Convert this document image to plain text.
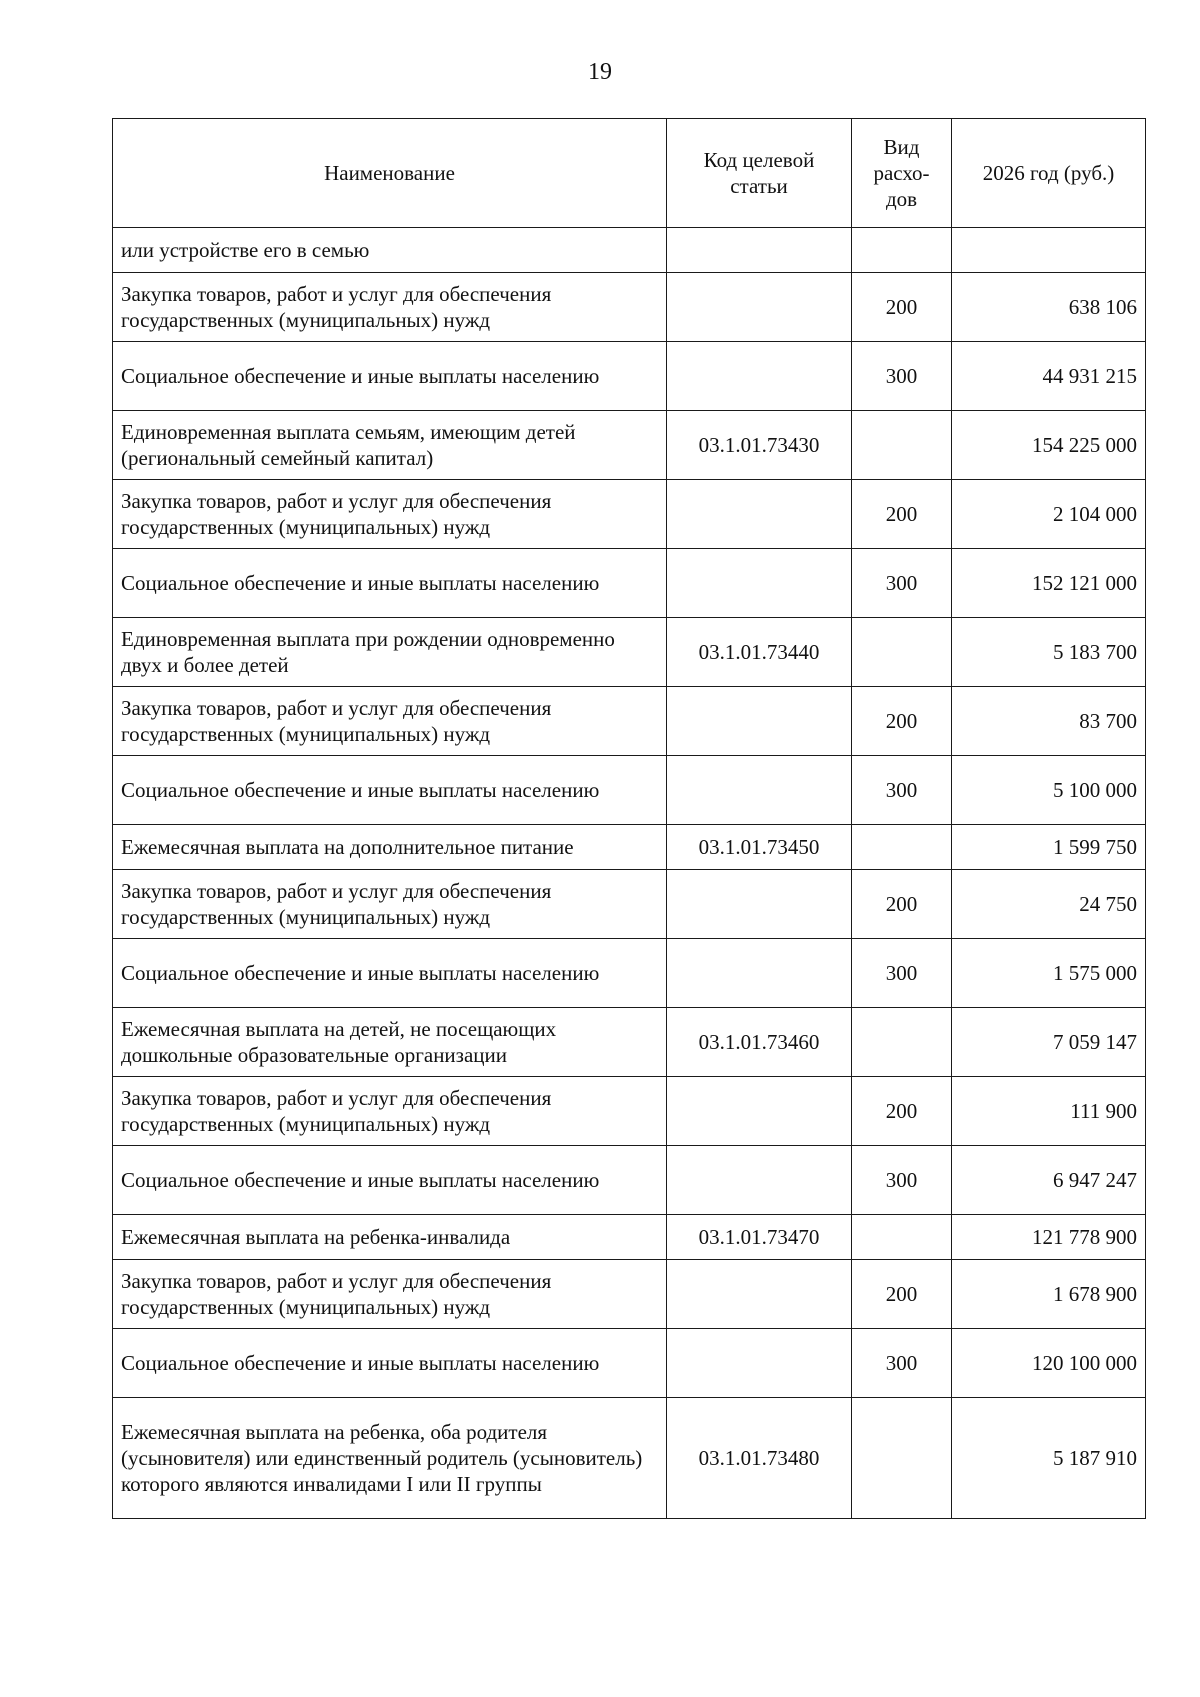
19
Наименование	Код целевой статьи	Вид расхо-дов	2026 год (руб.)
или устройстве его в семью			
Закупка товаров, работ и услуг для обеспечения государственных (муниципальных) нужд		200	638 106
Социальное обеспечение и иные выплаты населению		300	44 931 215
Единовременная выплата семьям, имеющим детей (региональный семейный капитал)	03.1.01.73430		154 225 000
Закупка товаров, работ и услуг для обеспечения государственных (муниципальных) нужд		200	2 104 000
Социальное обеспечение и иные выплаты населению		300	152 121 000
Единовременная выплата при рождении одновременно двух и более детей	03.1.01.73440		5 183 700
Закупка товаров, работ и услуг для обеспечения государственных (муниципальных) нужд		200	83 700
Социальное обеспечение и иные выплаты населению		300	5 100 000
Ежемесячная выплата на дополнительное питание	03.1.01.73450		1 599 750
Закупка товаров, работ и услуг для обеспечения государственных (муниципальных) нужд		200	24 750
Социальное обеспечение и иные выплаты населению		300	1 575 000
Ежемесячная выплата на детей, не посещающих дошкольные образовательные организации	03.1.01.73460		7 059 147
Закупка товаров, работ и услуг для обеспечения государственных (муниципальных) нужд		200	111 900
Социальное обеспечение и иные выплаты населению		300	6 947 247
Ежемесячная выплата на ребенка-инвалида	03.1.01.73470		121 778 900
Закупка товаров, работ и услуг для обеспечения государственных (муниципальных) нужд		200	1 678 900
Социальное обеспечение и иные выплаты населению		300	120 100 000
Ежемесячная выплата на ребенка, оба родителя (усыновителя) или единственный родитель (усыновитель) которого являются инвалидами I или II группы	03.1.01.73480		5 187 910
